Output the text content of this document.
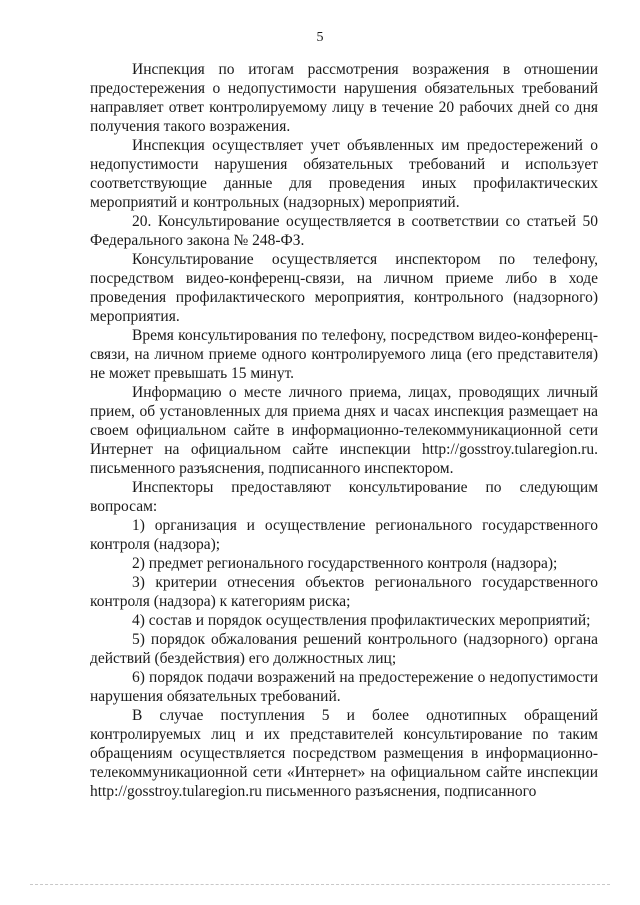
5

Инспекция по итогам рассмотрения возражения в отношении предостережения о недопустимости нарушения обязательных требований направляет ответ контролируемому лицу в течение 20 рабочих дней со дня получения такого возражения.

Инспекция осуществляет учет объявленных им предостережений о недопустимости нарушения обязательных требований и использует соответствующие данные для проведения иных профилактических мероприятий и контрольных (надзорных) мероприятий.

20. Консультирование осуществляется в соответствии со статьей 50 Федерального закона № 248-ФЗ.

Консультирование осуществляется инспектором по телефону, посредством видео-конференц-связи, на личном приеме либо в ходе проведения профилактического мероприятия, контрольного (надзорного) мероприятия.

Время консультирования по телефону, посредством видео-конференц-связи, на личном приеме одного контролируемого лица (его представителя) не может превышать 15 минут.

Информацию о месте личного приема, лицах, проводящих личный прием, об установленных для приема днях и часах инспекция размещает на своем официальном сайте в информационно-телекоммуникационной сети Интернет на официальном сайте инспекции http://gosstroy.tularegion.ru. письменного разъяснения, подписанного инспектором.

Инспекторы предоставляют консультирование по следующим вопросам:

1) организация и осуществление регионального государственного контроля (надзора);

2) предмет регионального государственного контроля (надзора);

3) критерии отнесения объектов регионального государственного контроля (надзора) к категориям риска;

4) состав и порядок осуществления профилактических мероприятий;

5) порядок обжалования решений контрольного (надзорного) органа действий (бездействия) его должностных лиц;

6) порядок подачи возражений на предостережение о недопустимости нарушения обязательных требований.

В случае поступления 5 и более однотипных обращений контролируемых лиц и их представителей консультирование по таким обращениям осуществляется посредством размещения в информационно-телекоммуникационной сети «Интернет» на официальном сайте инспекции http://gosstroy.tularegion.ru письменного разъяснения, подписанного
